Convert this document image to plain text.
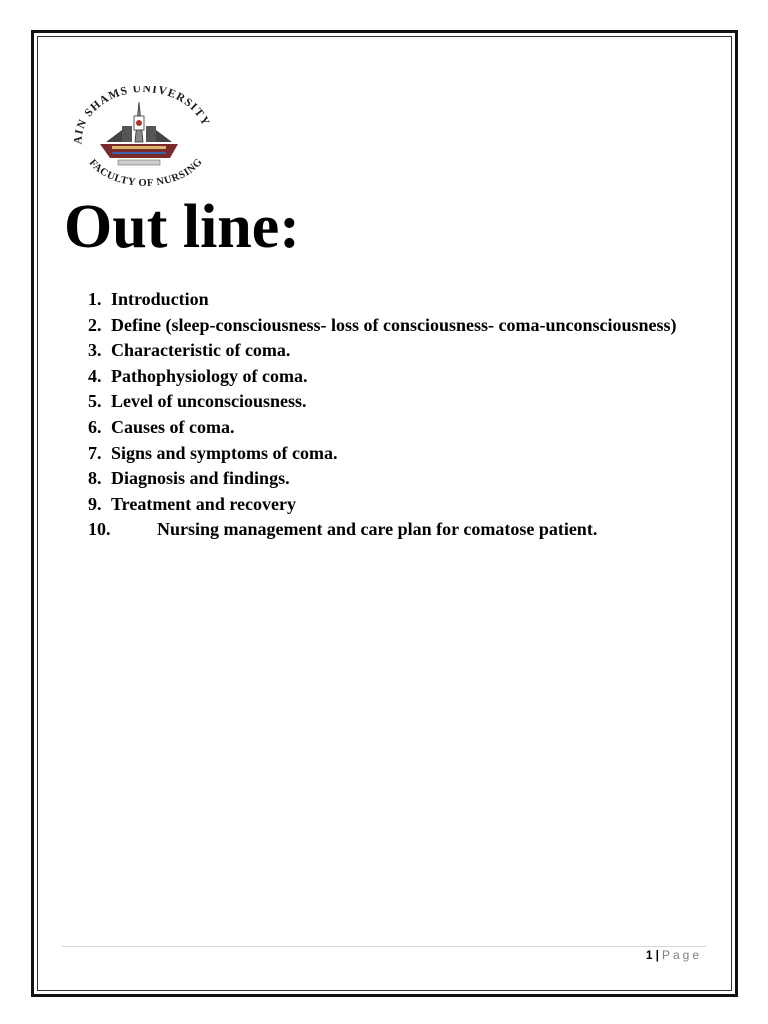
AIN SHAMS UNIVERSITY
FACULTY OF NURSING
Out line:
1. Introduction
2. Define (sleep-consciousness- loss of consciousness- coma-unconsciousness)
3. Characteristic of coma.
4. Pathophysiology of coma.
5. Level of unconsciousness.
6. Causes of coma.
7. Signs and symptoms of coma.
8. Diagnosis and findings.
9. Treatment and recovery
10.	Nursing management and care plan for comatose patient.
1 | Page
